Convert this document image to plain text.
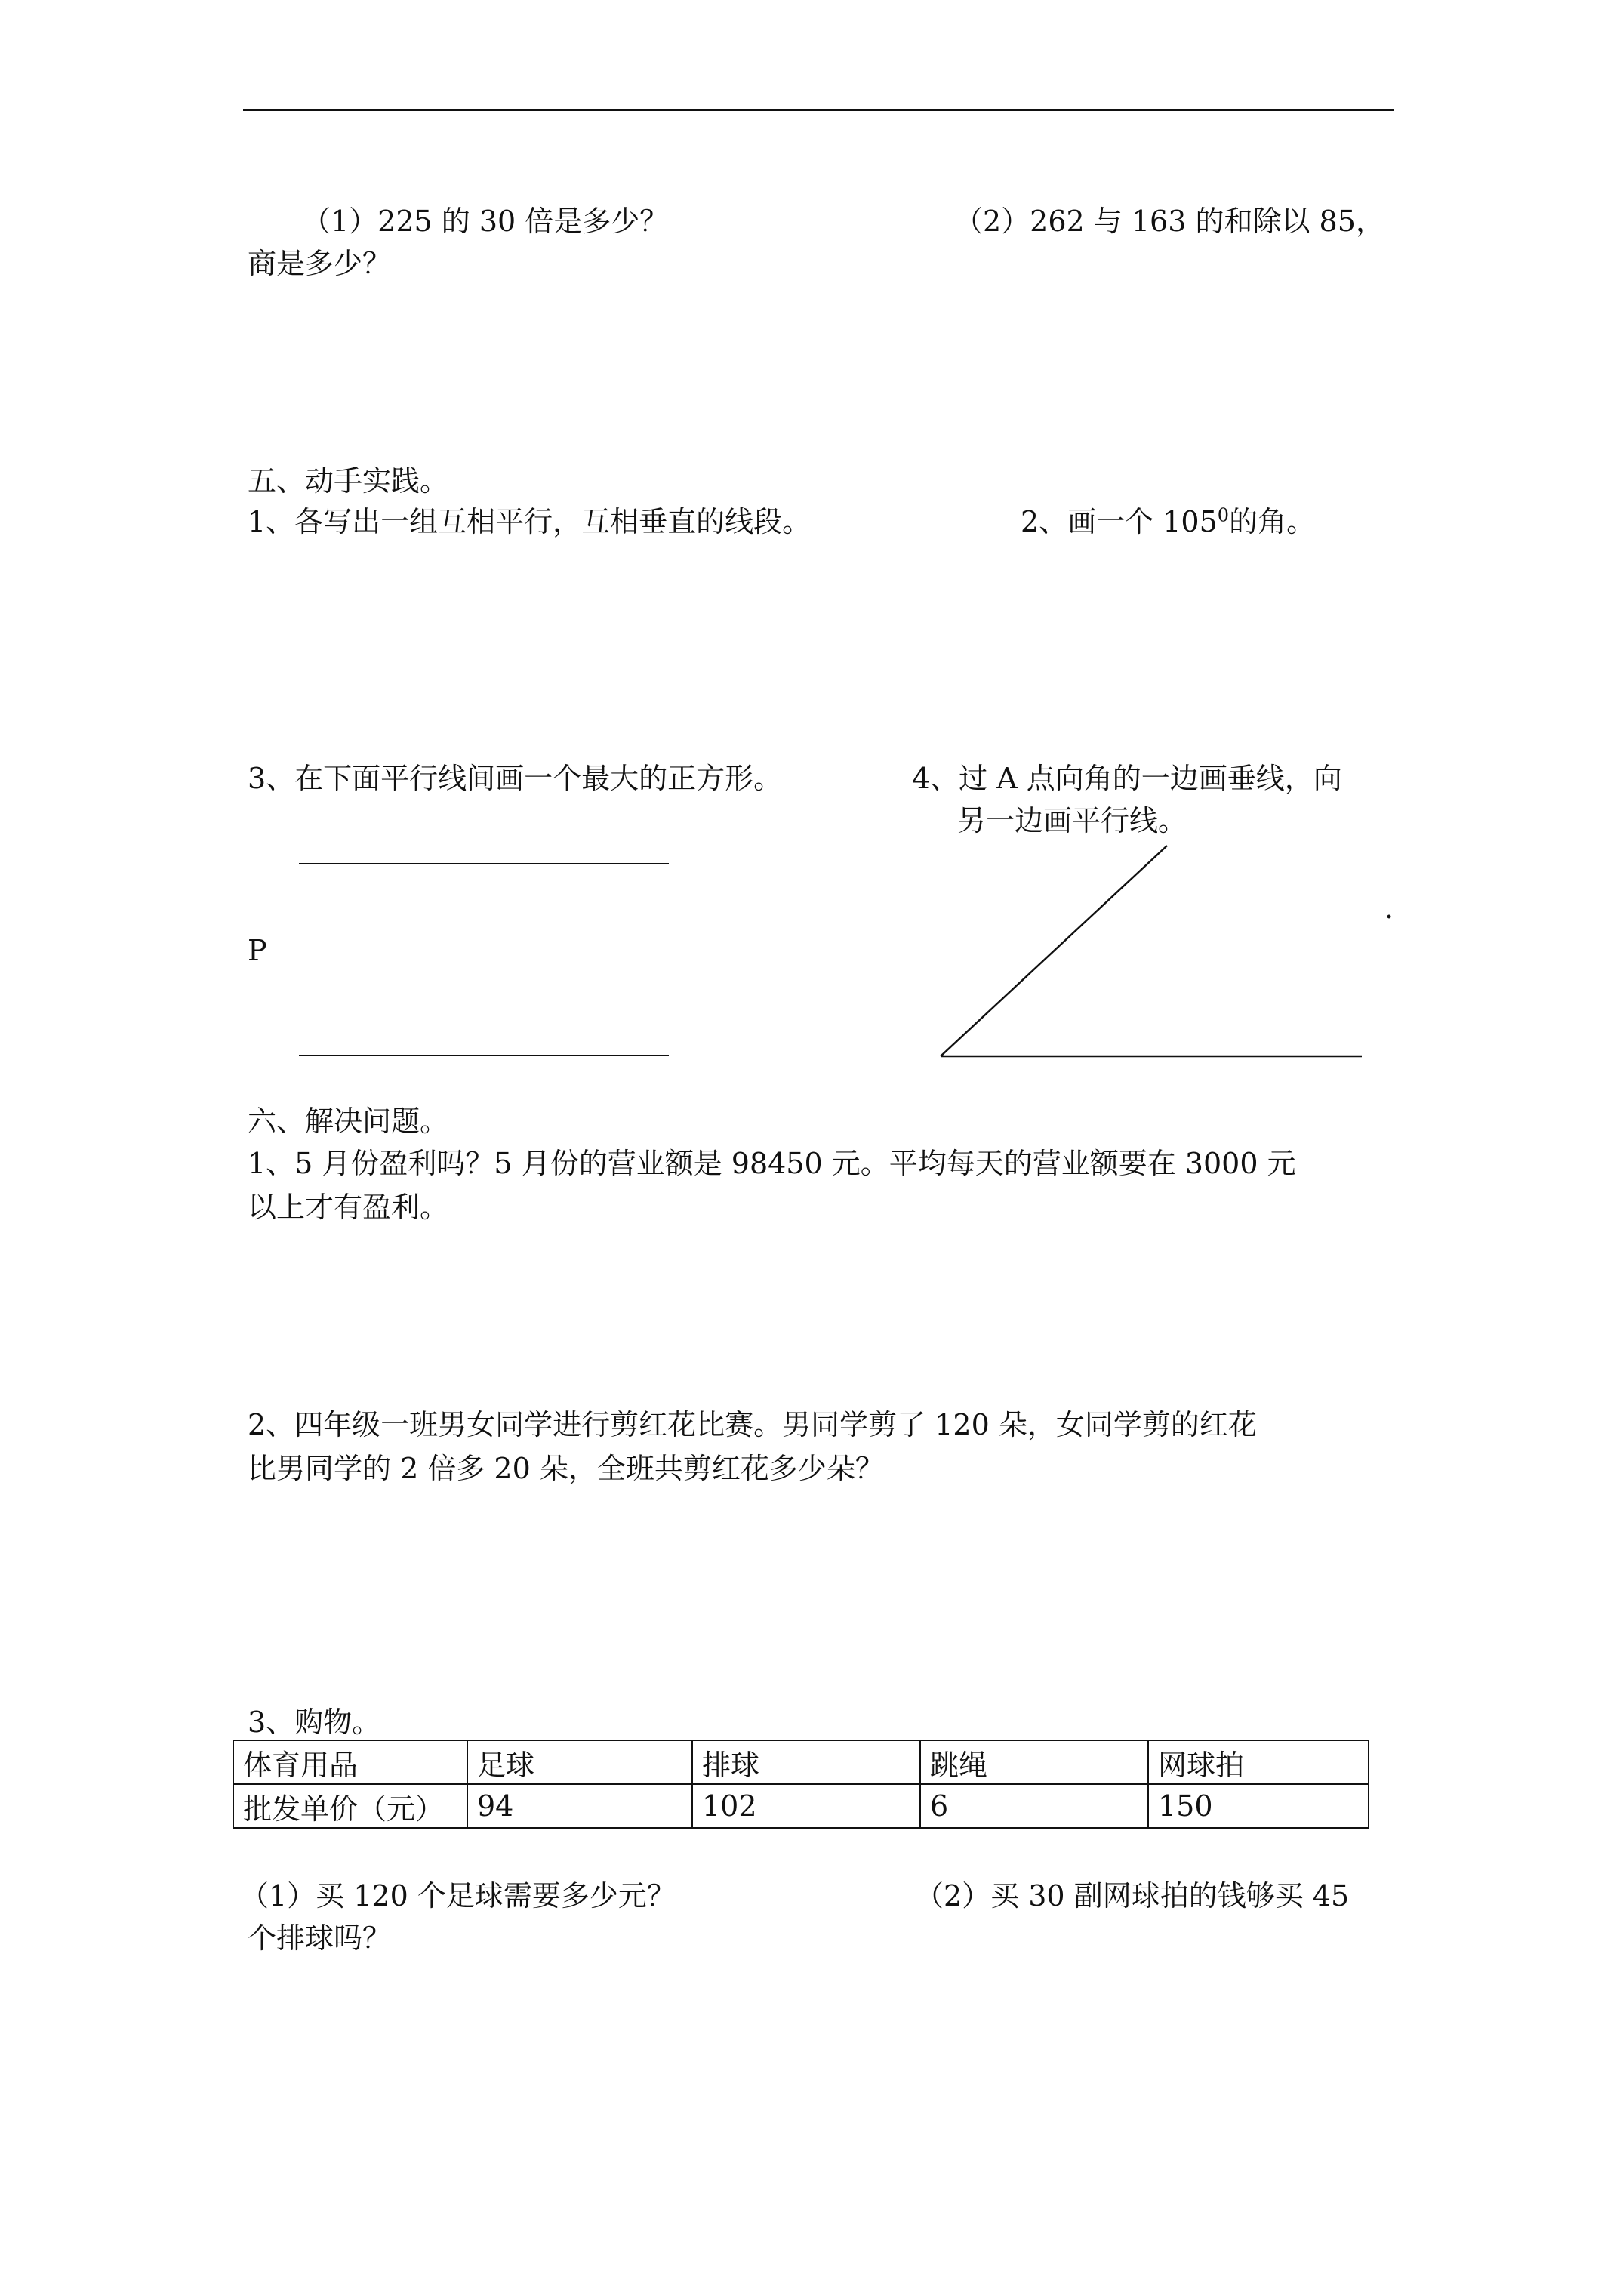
（1）225 的 30 倍是多少？	（2）262 与 163 的和除以 85，
商是多少？
五、动手实践。
1、各写出一组互相平行，互相垂直的线段。	2、画一个 $105^0$的角。
3、在下面平行线间画一个最大的正方形。	4、过 A 点向角的一边画垂线，向
另一边画平行线。
P
.
六、解决问题。
1、5 月份盈利吗？5 月份的营业额是 98450 元。平均每天的营业额要在 3000 元
以上才有盈利。
2、四年级一班男女同学进行剪红花比赛。男同学剪了 120 朵，女同学剪的红花
比男同学的 2 倍多 20 朵，全班共剪红花多少朵？
3、购物。
体育用品	足球	排球	跳绳	网球拍
批发单价（元）	94	102	6	150
（1）买 120 个足球需要多少元？	（2）买 30 副网球拍的钱够买 45
个排球吗？
